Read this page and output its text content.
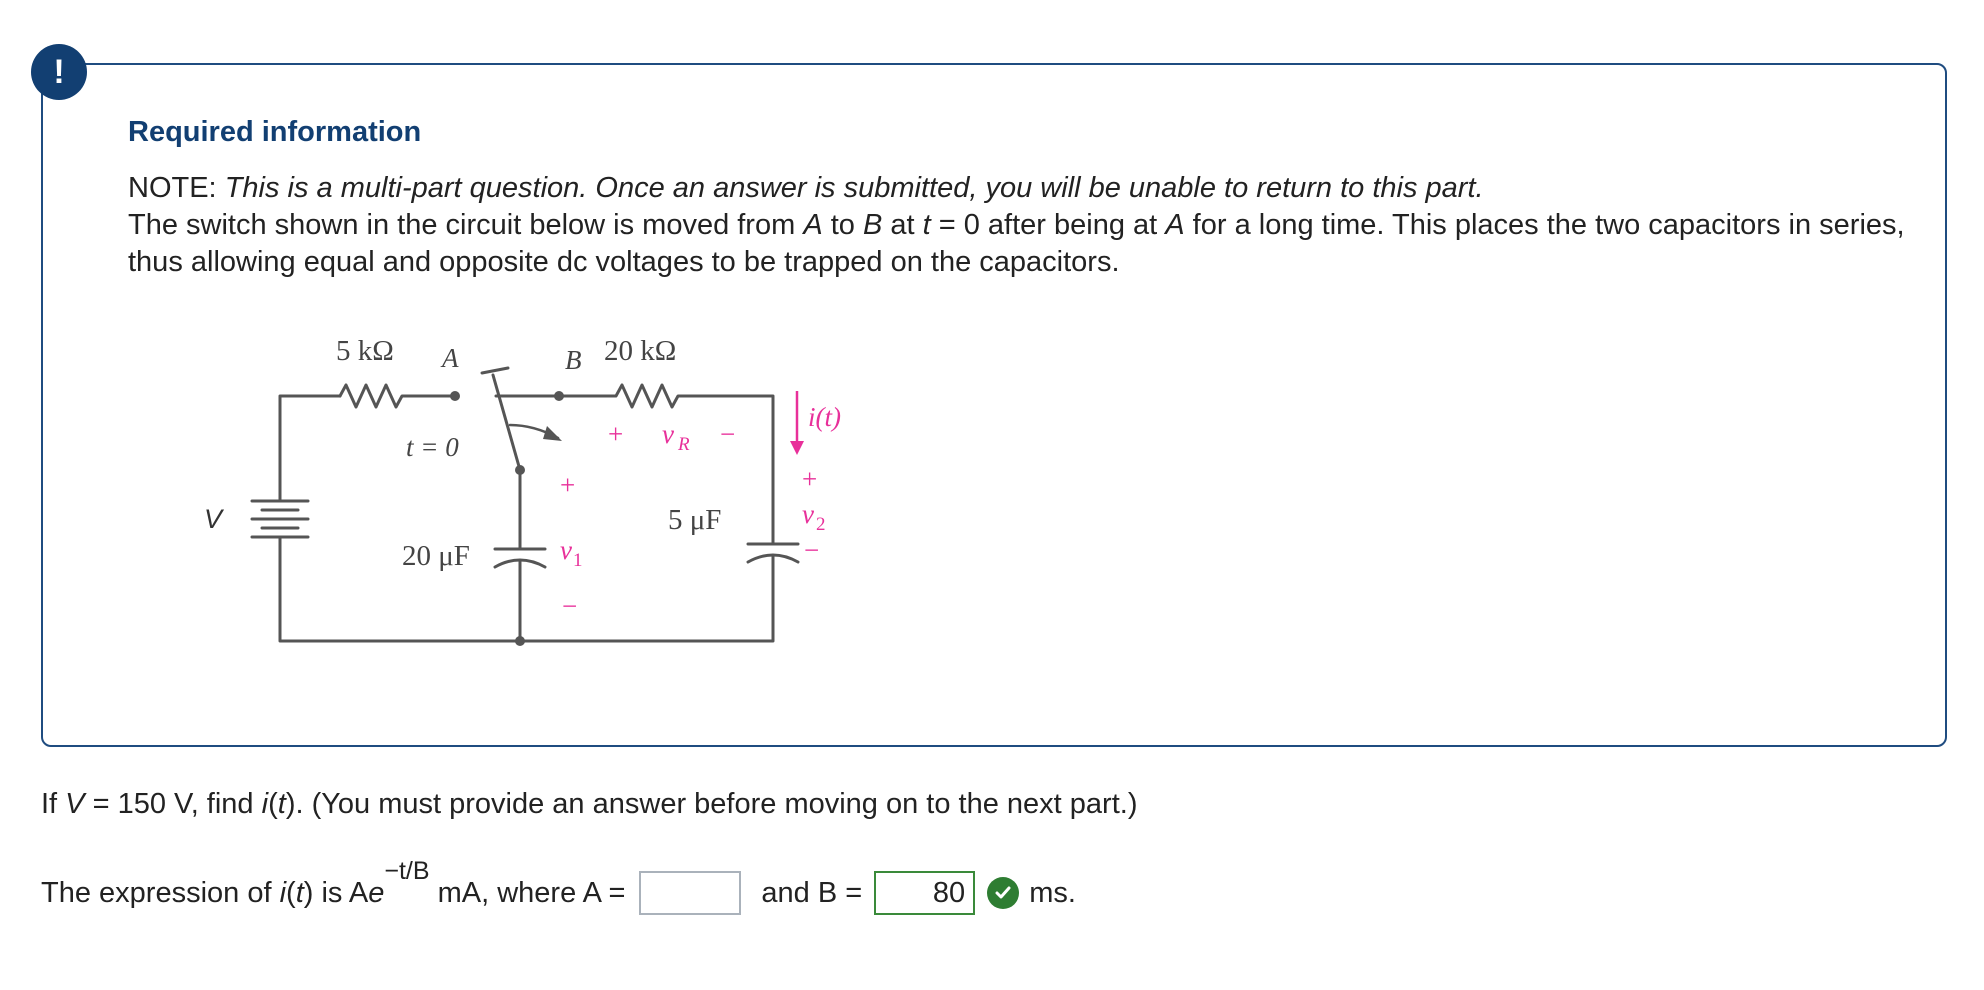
!
Required information

NOTE: This is a multi-part question. Once an answer is submitted, you will be unable to return to this part.

The switch shown in the circuit below is moved from A to B at t = 0 after being at A for a long time. This places the two capacitors in series, thus allowing equal and opposite dc voltages to be trapped on the capacitors.

5 kΩ A	B 20 kΩ
t = 0
20 μF
5 μF
V
+ v R −
+
v 1
−
i(t)
+
v 2
−
If V = 150 V, find i(t). (You must provide an answer before moving on to the next part.)
The expression of i(t) is $Ae^{-t/B}$ mA, where A =	and B =
80	ms.
